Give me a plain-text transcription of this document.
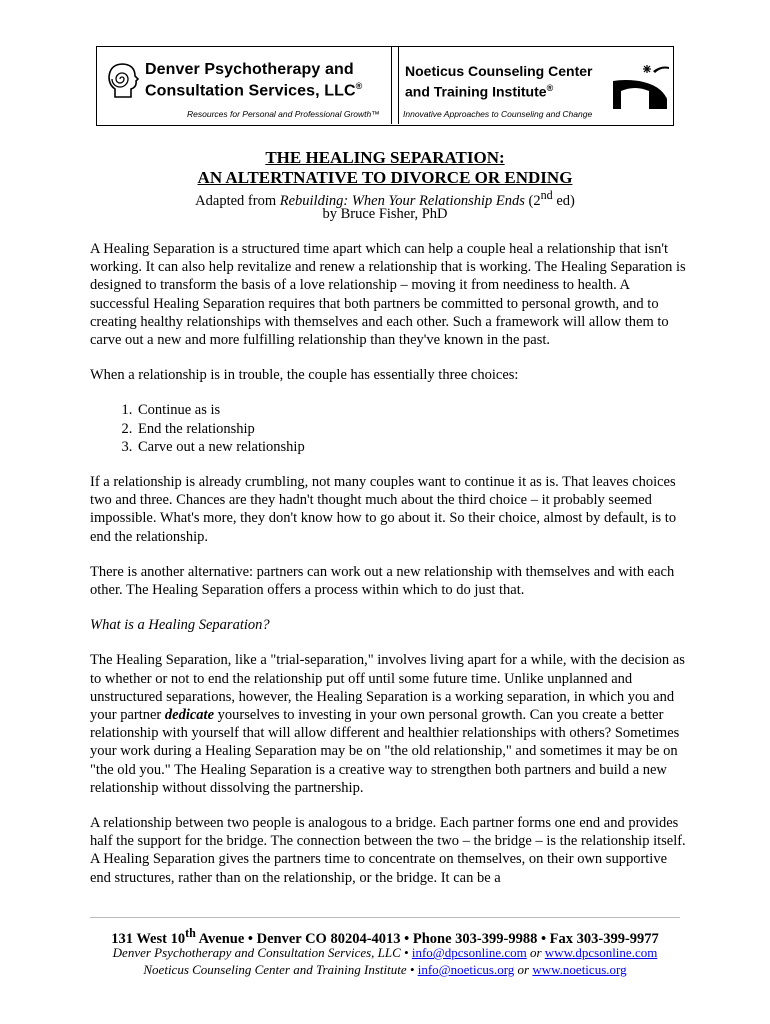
Denver Psychotherapy and
Consultation Services, LLC®
Resources for Personal and Professional Growth™
Noeticus Counseling Center
and Training Institute®
Innovative Approaches to Counseling and Change
THE HEALING SEPARATION:
AN ALTERTNATIVE TO DIVORCE OR ENDING
Adapted from Rebuilding: When Your Relationship Ends (2nd ed)
by Bruce Fisher, PhD

A Healing Separation is a structured time apart which can help a couple heal a relationship that isn't working. It can also help revitalize and renew a relationship that is working. The Healing Separation is designed to transform the basis of a love relationship – moving it from neediness to health. A successful Healing Separation requires that both partners be committed to personal growth, and to creating healthy relationships with themselves and each other. Such a framework will allow them to carve out a new and more fulfilling relationship than they've known in the past.

When a relationship is in trouble, the couple has essentially three choices:

1. Continue as is
2. End the relationship
3. Carve out a new relationship

If a relationship is already crumbling, not many couples want to continue it as is. That leaves choices two and three. Chances are they hadn't thought much about the third choice – it probably seemed impossible. What's more, they don't know how to go about it. So their choice, almost by default, is to end the relationship.

There is another alternative: partners can work out a new relationship with themselves and with each other. The Healing Separation offers a process within which to do just that.

What is a Healing Separation?

The Healing Separation, like a "trial-separation," involves living apart for a while, with the decision as to whether or not to end the relationship put off until some future time. Unlike unplanned and unstructured separations, however, the Healing Separation is a working separation, in which you and your partner dedicate yourselves to investing in your own personal growth. Can you create a better relationship with yourself that will allow different and healthier relationships with others? Sometimes your work during a Healing Separation may be on "the old relationship," and sometimes it may be on "the old you." The Healing Separation is a creative way to strengthen both partners and build a new relationship without dissolving the partnership.

A relationship between two people is analogous to a bridge. Each partner forms one end and provides half the support for the bridge. The connection between the two – the bridge – is the relationship itself. A Healing Separation gives the partners time to concentrate on themselves, on their own supportive end structures, rather than on the relationship, or the bridge. It can be a

131 West 10th Avenue • Denver CO 80204-4013 • Phone 303-399-9988 • Fax 303-399-9977
Denver Psychotherapy and Consultation Services, LLC • info@dpcsonline.com or www.dpcsonline.com
Noeticus Counseling Center and Training Institute • info@noeticus.org or www.noeticus.org
